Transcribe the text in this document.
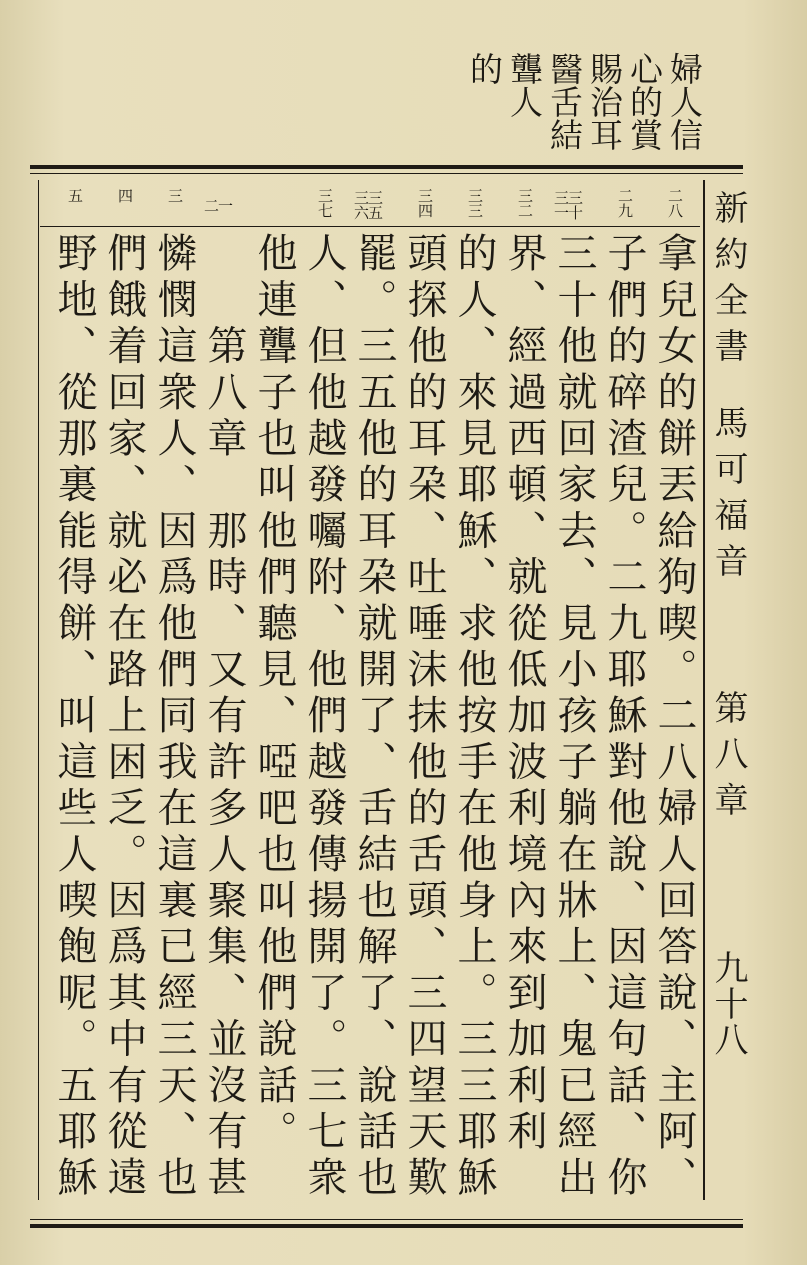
婦人信
心的賞
賜治耳
醫舌結
聾人
的
新約全書
馬可福音
第八章
九十八
二八
二九
三十 三一
三二
三三
三四
三五 三六
三七
一 二
三
四
五
拿兒女的餅丟給狗喫。二八婦人回答說、主阿、
子們的碎渣兒。二九耶穌對他說、因這句話、你
三十他就回家去、見小孩子躺在牀上、鬼已經出
界、經過西頓、就從低加波利境內來到加利利
的人、來見耶穌、求他按手在他身上。三三耶穌
頭探他的耳朶、吐唾沫抹他的舌頭、三四望天歎
罷。三五他的耳朶就開了、舌結也解了、說話也
人、但他越發囑附、他們越發傳揚開了。三七衆
他連聾子也叫他們聽見、啞吧也叫他們說話。
　　第八章　那時、又有許多人聚集、並沒有甚
憐憫這衆人、因爲他們同我在這裏已經三天、也
們餓着回家、就必在路上困乏。因爲其中有從遠
野地、從那裏能得餅、叫這些人喫飽呢。五耶穌
